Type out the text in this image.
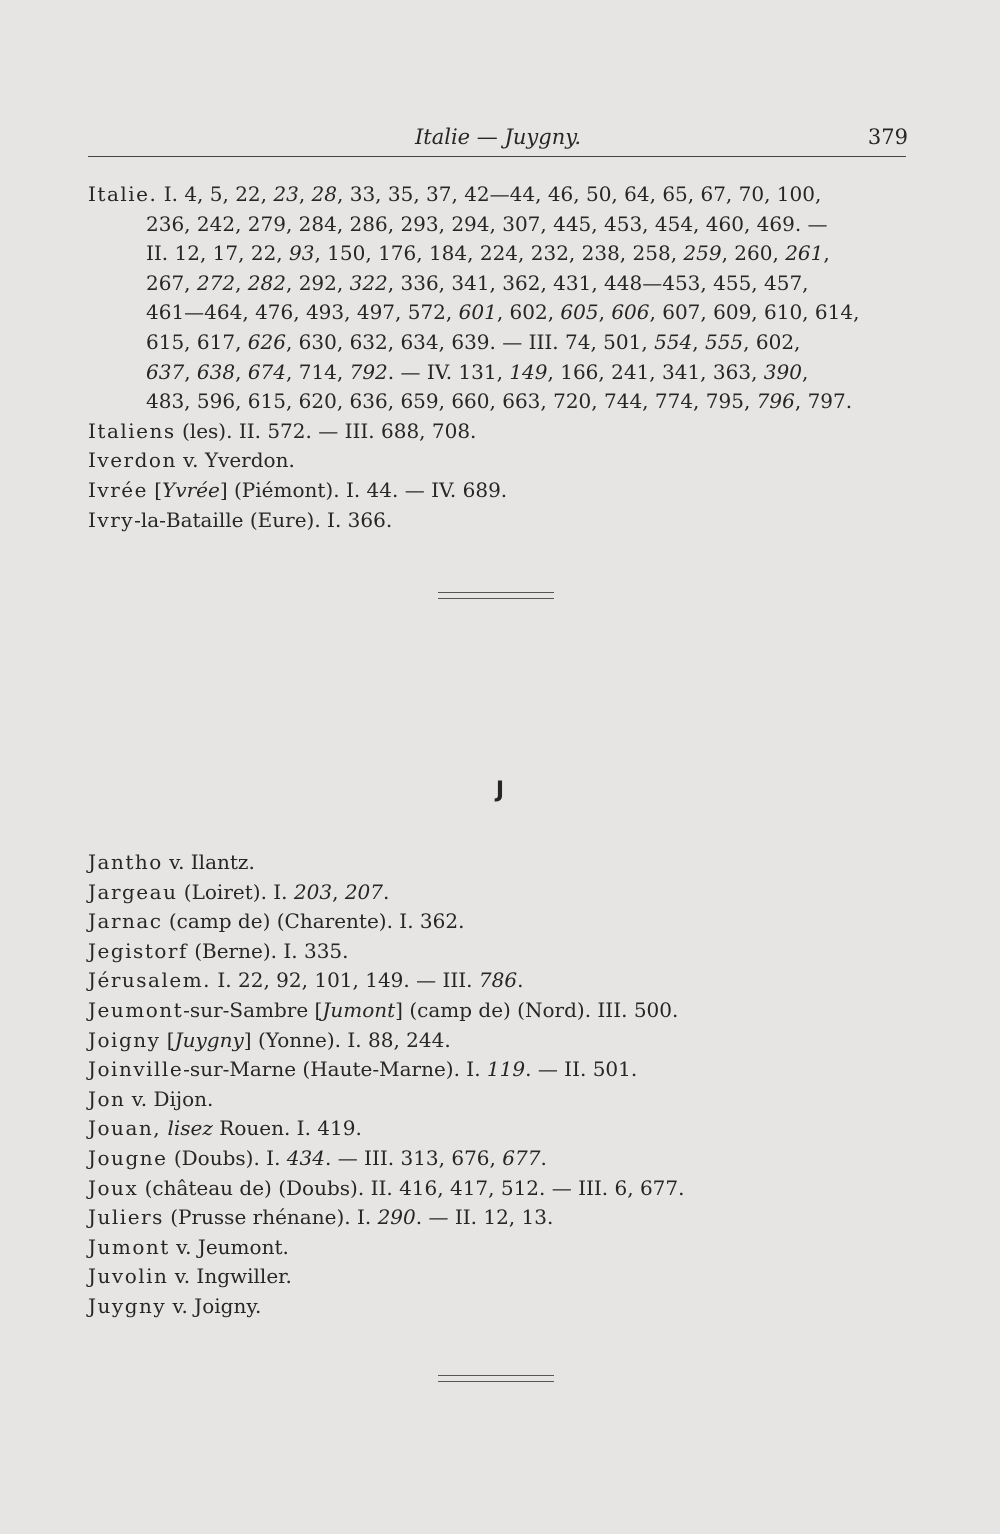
Italie — Juygny.	379
Italie. I. 4, 5, 22, 23, 28, 33, 35, 37, 42—44, 46, 50, 64, 65, 67, 70, 100,
236, 242, 279, 284, 286, 293, 294, 307, 445, 453, 454, 460, 469. —
II. 12, 17, 22, 93, 150, 176, 184, 224, 232, 238, 258, 259, 260, 261,
267, 272, 282, 292, 322, 336, 341, 362, 431, 448—453, 455, 457,
461—464, 476, 493, 497, 572, 601, 602, 605, 606, 607, 609, 610, 614,
615, 617, 626, 630, 632, 634, 639. — III. 74, 501, 554, 555, 602,
637, 638, 674, 714, 792. — IV. 131, 149, 166, 241, 341, 363, 390,
483, 596, 615, 620, 636, 659, 660, 663, 720, 744, 774, 795, 796, 797.
Italiens (les). II. 572. — III. 688, 708.
Iverdon v. Yverdon.
Ivrée [Yvrée] (Piémont). I. 44. — IV. 689.
Ivry-la-Bataille (Eure). I. 366.
J
Jantho v. Ilantz.
Jargeau (Loiret). I. 203, 207.
Jarnac (camp de) (Charente). I. 362.
Jegistorf (Berne). I. 335.
Jérusalem. I. 22, 92, 101, 149. — III. 786.
Jeumont-sur-Sambre [Jumont] (camp de) (Nord). III. 500.
Joigny [Juygny] (Yonne). I. 88, 244.
Joinville-sur-Marne (Haute-Marne). I. 119. — II. 501.
Jon v. Dijon.
Jouan, lisez Rouen. I. 419.
Jougne (Doubs). I. 434. — III. 313, 676, 677.
Joux (château de) (Doubs). II. 416, 417, 512. — III. 6, 677.
Juliers (Prusse rhénane). I. 290. — II. 12, 13.
Jumont v. Jeumont.
Juvolin v. Ingwiller.
Juygny v. Joigny.
